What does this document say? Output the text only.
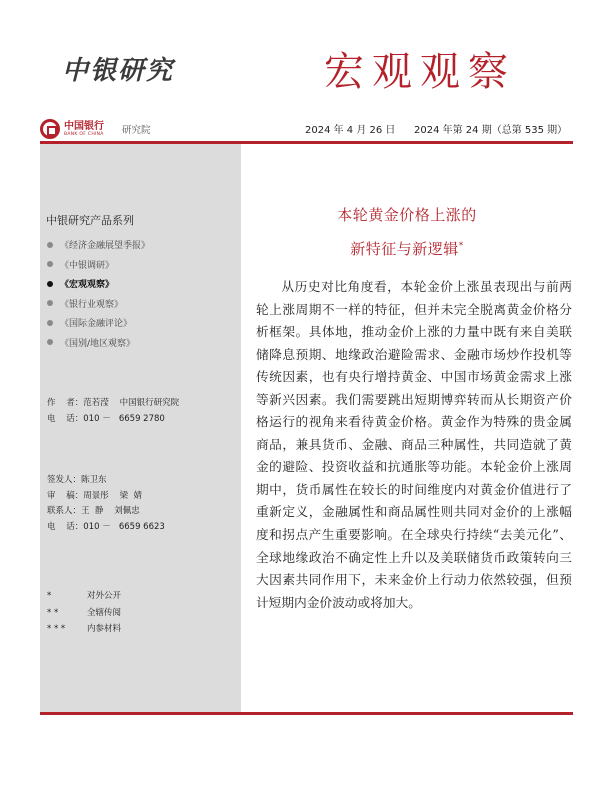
中银研究	宏观观察
中国银行
BANK OF CHINA 研究院	2024 年 4 月 26 日 2024 年第 24 期（总第 535 期）
中银研究产品系列
《经济金融展望季报》
《中银调研》
《宏观观察》
《银行业观察》
《国际金融评论》
《国别/地区观察》
作    者：范若滢    中国银行研究院
电    话：010 －   6659 2780
签发人：陈卫东
审    稿：周景彤    梁  婧
联系人：王  静    刘佩忠
电    话：010 －   6659 6623
*	对外公开
* *	全辖传阅
* * *	内参材料
本轮黄金价格上涨的
新特征与新逻辑*

从历史对比角度看，本轮金价上涨虽表现出与前两轮上涨周期不一样的特征，但并未完全脱离黄金价格分析框架。具体地，推动金价上涨的力量中既有来自美联储降息预期、地缘政治避险需求、金融市场炒作投机等传统因素，也有央行增持黄金、中国市场黄金需求上涨等新兴因素。我们需要跳出短期博弈转而从长期资产价格运行的视角来看待黄金价格。黄金作为特殊的贵金属商品，兼具货币、金融、商品三种属性，共同造就了黄金的避险、投资收益和抗通胀等功能。本轮金价上涨周期中，货币属性在较长的时间维度内对黄金价值进行了重新定义，金融属性和商品属性则共同对金价的上涨幅度和拐点产生重要影响。在全球央行持续“去美元化”、全球地缘政治不确定性上升以及美联储货币政策转向三大因素共同作用下，未来金价上行动力依然较强，但预计短期内金价波动或将加大。
